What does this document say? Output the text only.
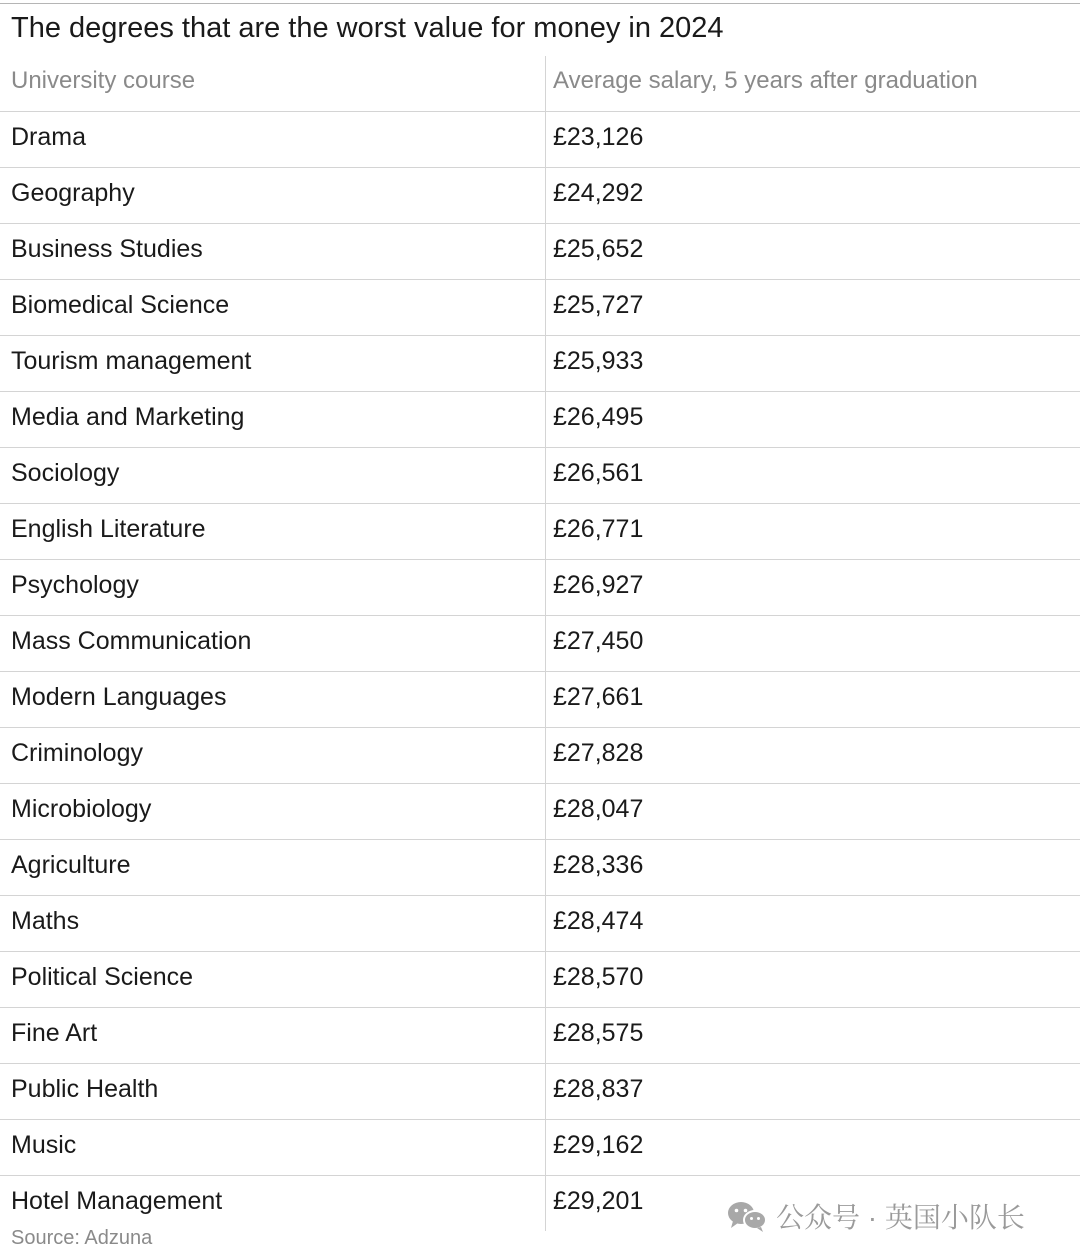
The degrees that are the worst value for money in 2024
University course	Average salary, 5 years after graduation
Drama	£23,126
Geography	£24,292
Business Studies	£25,652
Biomedical Science	£25,727
Tourism management	£25,933
Media and Marketing	£26,495
Sociology	£26,561
English Literature	£26,771
Psychology	£26,927
Mass Communication	£27,450
Modern Languages	£27,661
Criminology	£27,828
Microbiology	£28,047
Agriculture	£28,336
Maths	£28,474
Political Science	£28,570
Fine Art	£28,575
Public Health	£28,837
Music	£29,162
Hotel Management	£29,201
Source: Adzuna
公众号 · 英国小队长
